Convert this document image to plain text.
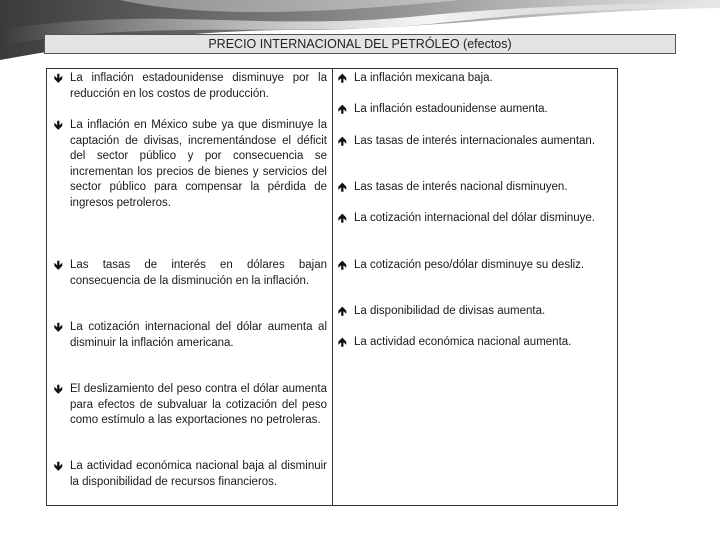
PRECIO INTERNACIONAL DEL PETRÓLEO (efectos)
🡻 La inflación estadounidense disminuye por la reducción en los costos de producción.
🡻 La inflación en México sube ya que disminuye la captación de divisas, incrementándose el déficit del sector público y por consecuencia se incrementan los precios de bienes y servicios del sector público para compensar la pérdida de ingresos petroleros.
🡻 Las tasas de interés en dólares bajan consecuencia de la disminución en la inflación.
🡻 La cotización internacional del dólar aumenta al disminuir la inflación americana.
🡻 El deslizamiento del peso contra el dólar aumenta para efectos de subvaluar la cotización del peso como estímulo a las exportaciones no petroleras.
🡻 La actividad económica nacional baja al disminuir la disponibilidad de recursos financieros.
🡹 La inflación mexicana baja.
🡹 La inflación estadounidense aumenta.
🡹 Las tasas de interés internacionales aumentan.
🡹 Las tasas de interés nacional disminuyen.
🡹 La cotización internacional del dólar disminuye.
🡹 La cotización peso/dólar disminuye su desliz.
🡹 La disponibilidad de divisas aumenta.
🡹 La actividad económica nacional aumenta.
